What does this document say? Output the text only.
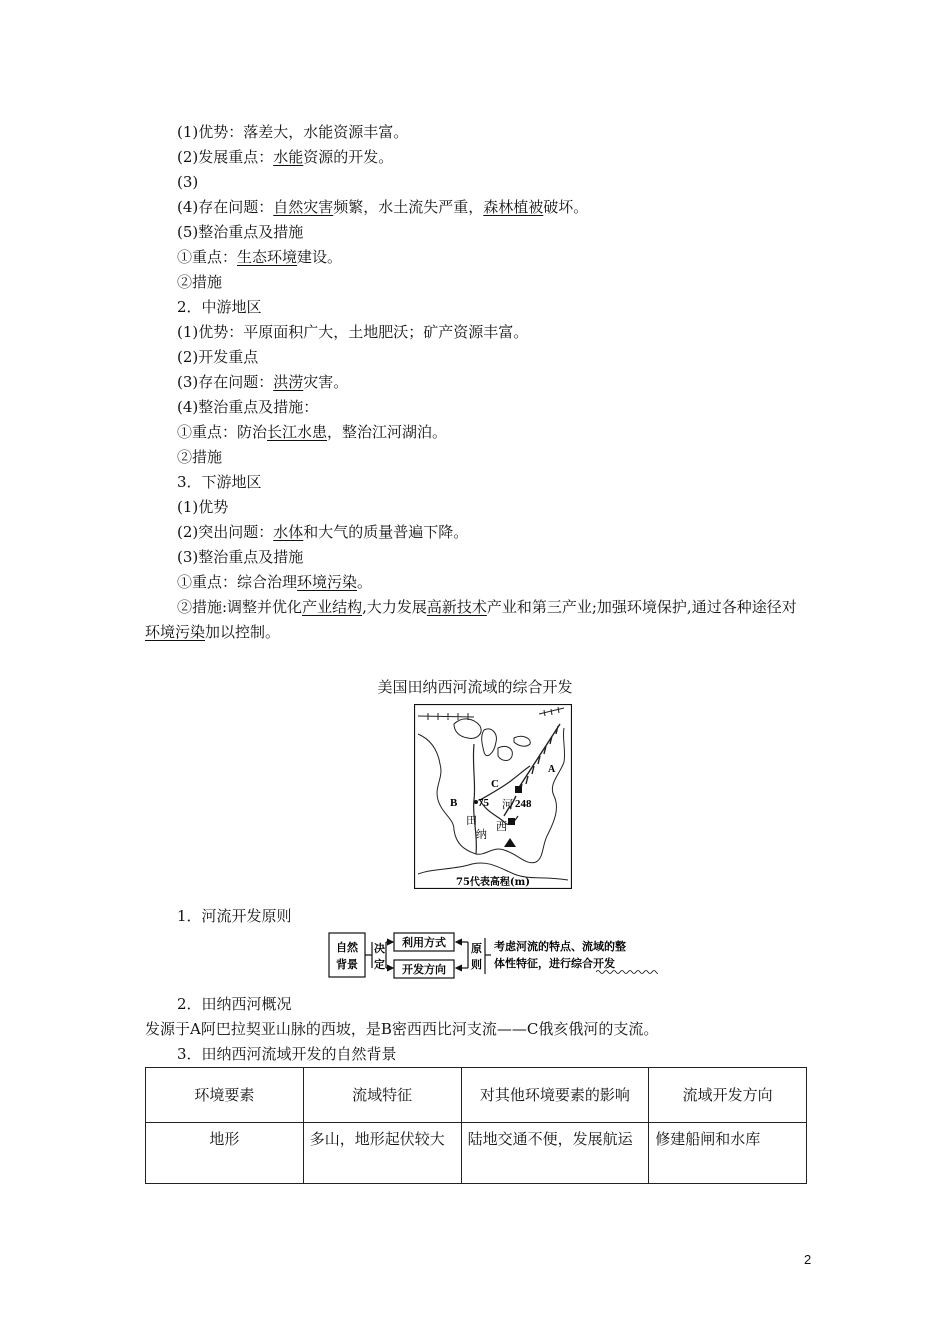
(1)优势：落差大，水能资源丰富。
(2)发展重点：水能资源的开发。
(3)
(4)存在问题：自然灾害频繁，水土流失严重，森林植被破坏。
(5)整治重点及措施
①重点：生态环境建设。
②措施
2．中游地区
(1)优势：平原面积广大，土地肥沃；矿产资源丰富。
(2)开发重点
(3)存在问题：洪涝灾害。
(4)整治重点及措施：
①重点：防治长江水患，整治江河湖泊。
②措施
3．下游地区
(1)优势
(2)突出问题：水体和大气的质量普遍下降。
(3)整治重点及措施
①重点：综合治理环境污染。
②措施:调整并优化产业结构,大力发展高新技术产业和第三产业;加强环境保护,通过各种途径对环境污染加以控制。
美国田纳西河流域的综合开发
A
B
C
75 248
河
田
纳
西
75代表高程(m)
1．河流开发原则
自然
背景
决
定
利用方式
开发方向
原
则
考虑河流的特点、流域的整
体性特征，进行综合开发
2．田纳西河概况
发源于A阿巴拉契亚山脉的西坡，是B密西西比河支流——C俄亥俄河的支流。
3．田纳西河流域开发的自然背景
环境要素	流域特征	对其他环境要素的影响	流域开发方向
地形	多山，地形起伏较大	陆地交通不便，发展航运	修建船闸和水库
2
